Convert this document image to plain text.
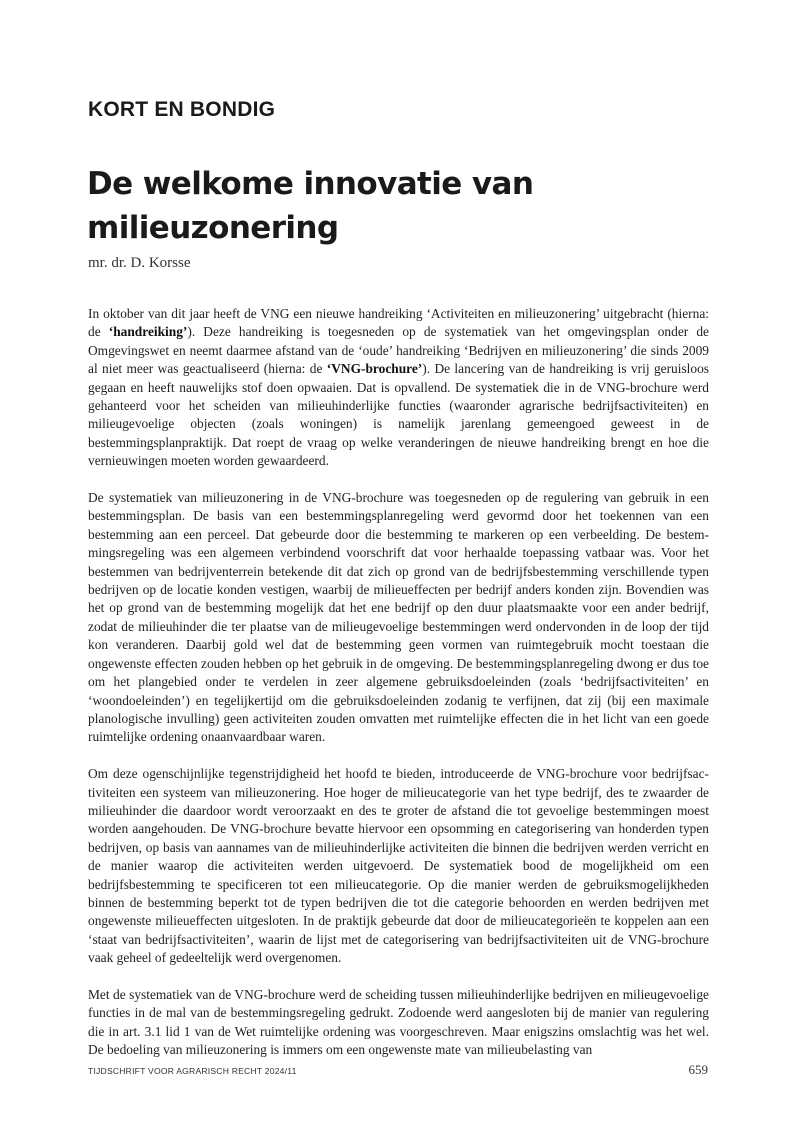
KORT EN BONDIG
De welkome innovatie van milieuzonering
mr. dr. D. Korsse

In oktober van dit jaar heeft de VNG een nieuwe handreiking ‘Activiteiten en milieuzonering’ uitgebracht (hierna: de ‘handreiking’). Deze handreiking is toegesneden op de systematiek van het omgevingsplan onder de Omgevingswet en neemt daarmee afstand van de ‘oude’ handreiking ‘Bedrijven en milieuzonering’ die sinds 2009 al niet meer was geactualiseerd (hierna: de ‘VNG-brochure’). De lancering van de handreiking is vrij geruisloos gegaan en heeft nauwelijks stof doen opwaaien. Dat is opvallend. De systematiek die in de VNG-brochure werd gehanteerd voor het scheiden van milieuhinderlijke functies (waaronder agrarische bedrijfsactiviteiten) en milieugevoelige objecten (zoals woningen) is namelijk jarenlang gemeengoed geweest in de bestemmingsplanpraktijk. Dat roept de vraag op welke veranderingen de nieuwe handreiking brengt en hoe die vernieuwingen moeten worden gewaardeerd.

De systematiek van milieuzonering in de VNG-brochure was toegesneden op de regulering van gebruik in een bestemmingsplan. De basis van een bestemmingsplanregeling werd gevormd door het toekennen van een bestemming aan een perceel. Dat gebeurde door die bestemming te markeren op een verbeelding. De bestemmingsregeling was een algemeen verbindend voorschrift dat voor herhaalde toepassing vatbaar was. Voor het bestemmen van bedrijventerrein betekende dit dat zich op grond van de bedrijfsbestemming verschillende typen bedrijven op de locatie konden vestigen, waarbij de milieueffecten per bedrijf anders konden zijn. Bovendien was het op grond van de bestemming mogelijk dat het ene bedrijf op den duur plaatsmaakte voor een ander bedrijf, zodat de milieuhinder die ter plaatse van de milieugevoelige bestemmingen werd ondervonden in de loop der tijd kon veranderen. Daarbij gold wel dat de bestemming geen vormen van ruimtegebruik mocht toestaan die ongewenste effecten zouden hebben op het gebruik in de omgeving. De bestemmingsplanregeling dwong er dus toe om het plangebied onder te verdelen in zeer algemene gebruiksdoeleinden (zoals ‘bedrijfsactiviteiten’ en ‘woondoeleinden’) en tegelijkertijd om die gebruiksdoeleinden zodanig te verfijnen, dat zij (bij een maximale planologische invulling) geen activiteiten zouden omvatten met ruimtelijke effecten die in het licht van een goede ruimtelijke ordening onaanvaardbaar waren.

Om deze ogenschijnlijke tegenstrijdigheid het hoofd te bieden, introduceerde de VNG-brochure voor bedrijfsactiviteiten een systeem van milieuzonering. Hoe hoger de milieucategorie van het type bedrijf, des te zwaarder de milieuhinder die daardoor wordt veroorzaakt en des te groter de afstand die tot gevoelige bestemmingen moest worden aangehouden. De VNG-brochure bevatte hiervoor een opsomming en categorisering van honderden typen bedrijven, op basis van aannames van de milieuhinderlijke activiteiten die binnen die bedrijven werden verricht en de manier waarop die activiteiten werden uitgevoerd. De systematiek bood de mogelijkheid om een bedrijfsbestemming te specificeren tot een milieucategorie. Op die manier werden de gebruiksmogelijkheden binnen de bestemming beperkt tot de typen bedrijven die tot die categorie behoorden en werden bedrijven met ongewenste milieueffecten uitgesloten. In de praktijk gebeurde dat door de milieucategorieën te koppelen aan een ‘staat van bedrijfsactiviteiten’, waarin de lijst met de categorisering van bedrijfsactiviteiten uit de VNG-brochure vaak geheel of gedeeltelijk werd overgenomen.

Met de systematiek van de VNG-brochure werd de scheiding tussen milieuhinderlijke bedrijven en milieugevoelige functies in de mal van de bestemmingsregeling gedrukt. Zodoende werd aangesloten bij de manier van regulering die in art. 3.1 lid 1 van de Wet ruimtelijke ordening was voorgeschreven. Maar enigszins omslachtig was het wel. De bedoeling van milieuzonering is immers om een ongewenste mate van milieubelasting van

TIJDSCHRIFT VOOR AGRARISCH RECHT 2024/11	659
